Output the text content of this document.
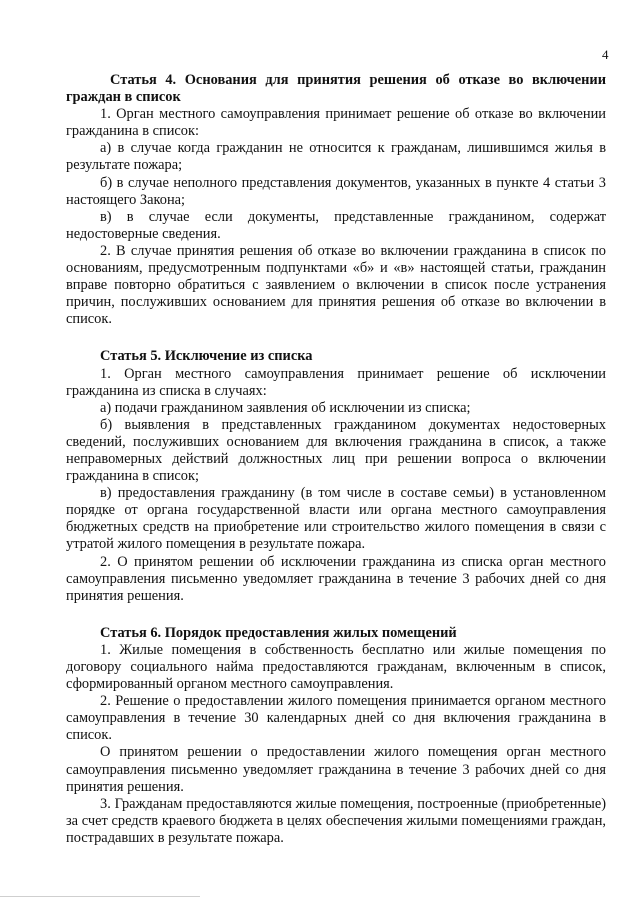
4

Статья 4. Основания для принятия решения об отказе во включении граждан в список

1. Орган местного самоуправления принимает решение об отказе во включении гражданина в список:

а) в случае когда гражданин не относится к гражданам, лишившимся жилья в результате пожара;

б) в случае неполного представления документов, указанных в пункте 4 статьи 3 настоящего Закона;

в) в случае если документы, представленные гражданином, содержат недостоверные сведения.

2. В случае принятия решения об отказе во включении гражданина в список по основаниям, предусмотренным подпунктами «б» и «в» настоящей статьи, гражданин вправе повторно обратиться с заявлением о включении в список после устранения причин, послуживших основанием для принятия решения об отказе во включении в список.

Статья 5. Исключение из списка

1. Орган местного самоуправления принимает решение об исключении гражданина из списка в случаях:

а) подачи гражданином заявления об исключении из списка;

б) выявления в представленных гражданином документах недостоверных сведений, послуживших основанием для включения гражданина в список, а также неправомерных действий должностных лиц при решении вопроса о включении гражданина в список;

в) предоставления гражданину (в том числе в составе семьи) в установленном порядке от органа государственной власти или органа местного самоуправления бюджетных средств на приобретение или строительство жилого помещения в связи с утратой жилого помещения в результате пожара.

2. О принятом решении об исключении гражданина из списка орган местного самоуправления письменно уведомляет гражданина в течение 3 рабочих дней со дня принятия решения.

Статья 6. Порядок предоставления жилых помещений

1. Жилые помещения в собственность бесплатно или жилые помещения по договору социального найма предоставляются гражданам, включенным в список, сформированный органом местного самоуправления.

2. Решение о предоставлении жилого помещения принимается органом местного самоуправления в течение 30 календарных дней со дня включения гражданина в список.

О принятом решении о предоставлении жилого помещения орган местного самоуправления письменно уведомляет гражданина в течение 3 рабочих дней со дня принятия решения.

3. Гражданам предоставляются жилые помещения, построенные (приобретенные) за счет средств краевого бюджета в целях обеспечения жилыми помещениями граждан, пострадавших в результате пожара.
